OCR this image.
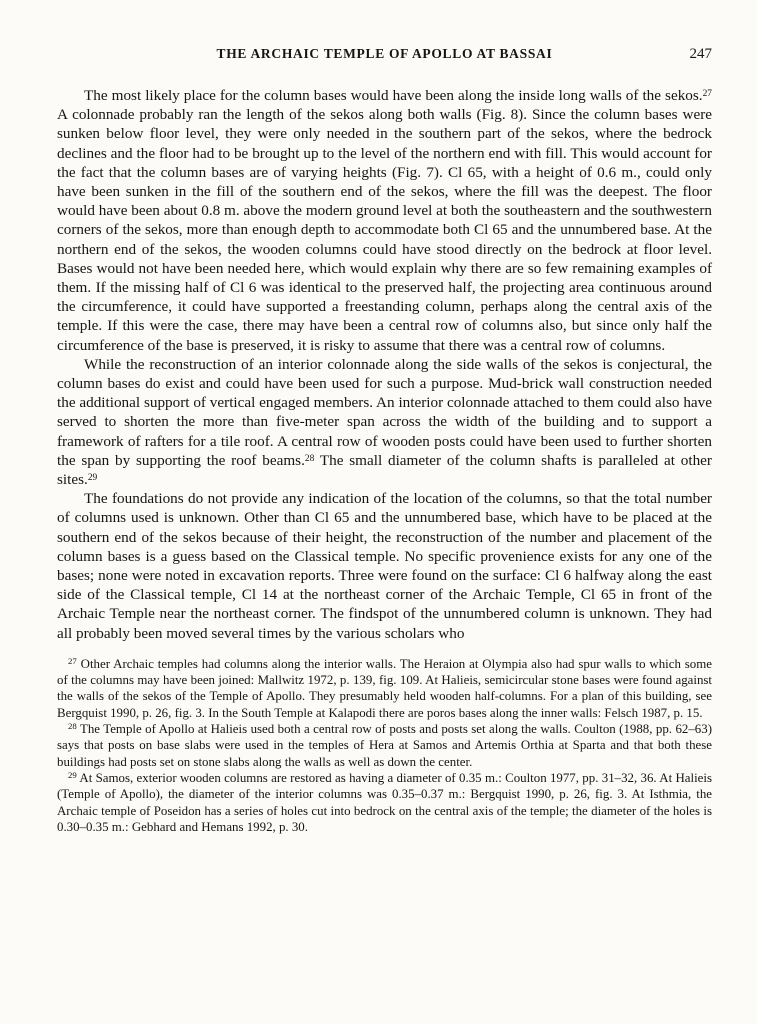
THE ARCHAIC TEMPLE OF APOLLO AT BASSAI	247

The most likely place for the column bases would have been along the inside long walls of the sekos.$^{27}$ A colonnade probably ran the length of the sekos along both walls (Fig. 8). Since the column bases were sunken below floor level, they were only needed in the southern part of the sekos, where the bedrock declines and the floor had to be brought up to the level of the northern end with fill. This would account for the fact that the column bases are of varying heights (Fig. 7). Cl 65, with a height of 0.6 m., could only have been sunken in the fill of the southern end of the sekos, where the fill was the deepest. The floor would have been about 0.8 m. above the modern ground level at both the southeastern and the southwestern corners of the sekos, more than enough depth to accommodate both Cl 65 and the unnumbered base. At the northern end of the sekos, the wooden columns could have stood directly on the bedrock at floor level. Bases would not have been needed here, which would explain why there are so few remaining examples of them. If the missing half of Cl 6 was identical to the preserved half, the projecting area continuous around the circumference, it could have supported a freestanding column, perhaps along the central axis of the temple. If this were the case, there may have been a central row of columns also, but since only half the circumference of the base is preserved, it is risky to assume that there was a central row of columns.

While the reconstruction of an interior colonnade along the side walls of the sekos is conjectural, the column bases do exist and could have been used for such a purpose. Mud-brick wall construction needed the additional support of vertical engaged members. An interior colonnade attached to them could also have served to shorten the more than five-meter span across the width of the building and to support a framework of rafters for a tile roof. A central row of wooden posts could have been used to further shorten the span by supporting the roof beams.$^{28}$ The small diameter of the column shafts is paralleled at other sites.$^{29}$

The foundations do not provide any indication of the location of the columns, so that the total number of columns used is unknown. Other than Cl 65 and the unnumbered base, which have to be placed at the southern end of the sekos because of their height, the reconstruction of the number and placement of the column bases is a guess based on the Classical temple. No specific provenience exists for any one of the bases; none were noted in excavation reports. Three were found on the surface: Cl 6 halfway along the east side of the Classical temple, Cl 14 at the northeast corner of the Archaic Temple, Cl 65 in front of the Archaic Temple near the northeast corner. The findspot of the unnumbered column is unknown. They had all probably been moved several times by the various scholars who

$^{27}$ Other Archaic temples had columns along the interior walls. The Heraion at Olympia also had spur walls to which some of the columns may have been joined: Mallwitz 1972, p. 139, fig. 109. At Halieis, semicircular stone bases were found against the walls of the sekos of the Temple of Apollo. They presumably held wooden half-columns. For a plan of this building, see Bergquist 1990, p. 26, fig. 3. In the South Temple at Kalapodi there are poros bases along the inner walls: Felsch 1987, p. 15.

$^{28}$ The Temple of Apollo at Halieis used both a central row of posts and posts set along the walls. Coulton (1988, pp. 62–63) says that posts on base slabs were used in the temples of Hera at Samos and Artemis Orthia at Sparta and that both these buildings had posts set on stone slabs along the walls as well as down the center.

$^{29}$ At Samos, exterior wooden columns are restored as having a diameter of 0.35 m.: Coulton 1977, pp. 31–32, 36. At Halieis (Temple of Apollo), the diameter of the interior columns was 0.35–0.37 m.: Bergquist 1990, p. 26, fig. 3. At Isthmia, the Archaic temple of Poseidon has a series of holes cut into bedrock on the central axis of the temple; the diameter of the holes is 0.30–0.35 m.: Gebhard and Hemans 1992, p. 30.
